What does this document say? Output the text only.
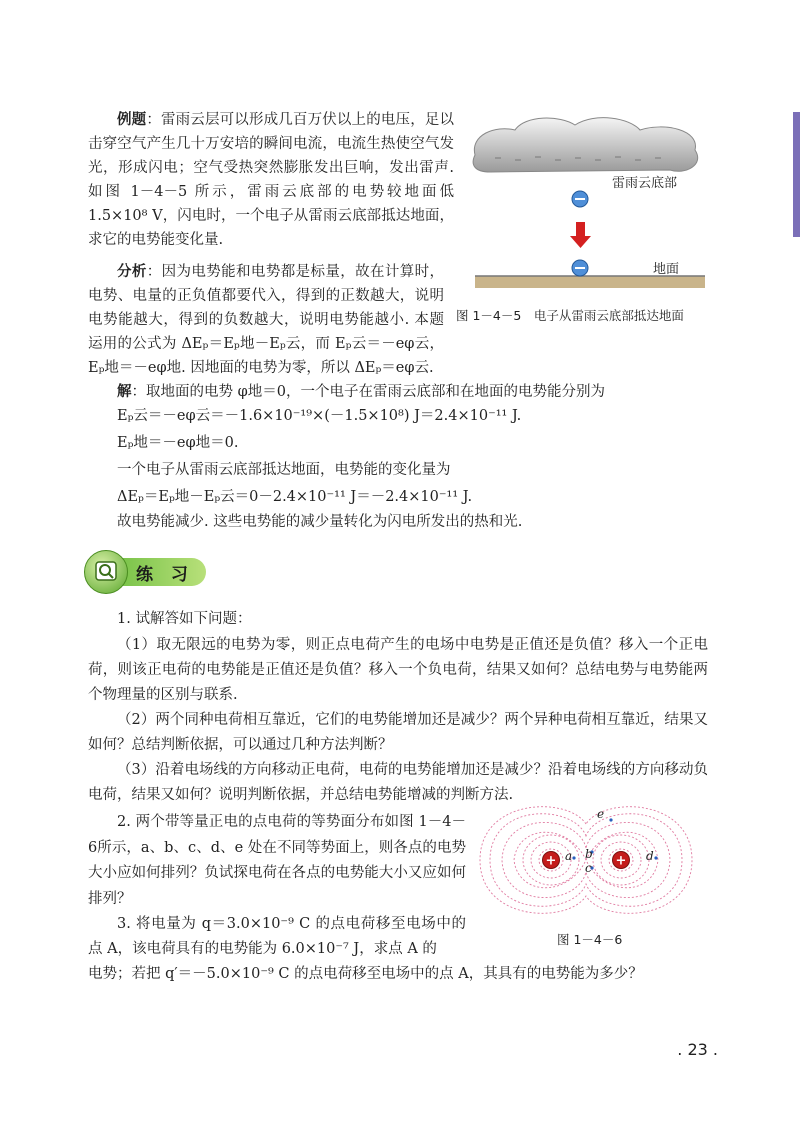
例题：雷雨云层可以形成几百万伏以上的电压，足以击穿空气产生几十万安培的瞬间电流，电流生热使空气发光，形成闪电；空气受热突然膨胀发出巨响，发出雷声. 如图 1－4－5 所示，雷雨云底部的电势较地面低 1.5×10⁸ V，闪电时，一个电子从雷雨云底部抵达地面，求它的电势能变化量.
雷雨云底部
地面
图 1－4－5　电子从雷雨云底部抵达地面
分析：因为电势能和电势都是标量，故在计算时，电势、电量的正负值都要代入，得到的正数越大，说明电势能越大，得到的负数越大，说明电势能越小. 本题运用的公式为 ΔEₚ＝Eₚ地－Eₚ云，而 Eₚ云＝－eφ云，Eₚ地＝－eφ地. 因地面的电势为零，所以 ΔEₚ＝eφ云.
解：取地面的电势 φ地＝0，一个电子在雷雨云底部和在地面的电势能分别为
Eₚ云＝－eφ云＝－1.6×10⁻¹⁹×(－1.5×10⁸) J＝2.4×10⁻¹¹ J.
Eₚ地＝－eφ地＝0.
一个电子从雷雨云底部抵达地面，电势能的变化量为
ΔEₚ＝Eₚ地－Eₚ云＝0－2.4×10⁻¹¹ J＝－2.4×10⁻¹¹ J.
故电势能减少. 这些电势能的减少量转化为闪电所发出的热和光.
练 习
1. 试解答如下问题：
（1）取无限远的电势为零，则正点电荷产生的电场中电势是正值还是负值？移入一个正电荷，则该正电荷的电势能是正值还是负值？移入一个负电荷，结果又如何？总结电势与电势能两个物理量的区别与联系.
（2）两个同种电荷相互靠近，它们的电势能增加还是减少？两个异种电荷相互靠近，结果又如何？总结判断依据，可以通过几种方法判断？
（3）沿着电场线的方向移动正电荷，电荷的电势能增加还是减少？沿着电场线的方向移动负电荷，结果又如何？说明判断依据，并总结电势能增减的判断方法.
2. 两个带等量正电的点电荷的等势面分布如图 1－4－6所示，a、b、c、d、e 处在不同等势面上，则各点的电势大小应如何排列？负试探电荷在各点的电势能大小又应如何排列？
3. 将电量为 q＝3.0×10⁻⁹ C 的点电荷移至电场中的点 A，该电荷具有的电势能为 6.0×10⁻⁷ J，求点 A 的
电势；若把 q′＝－5.0×10⁻⁹ C 的点电荷移至电场中的点 A，其具有的电势能为多少？
+	+
a b
c
d
e
图 1－4－6
. 23 .
